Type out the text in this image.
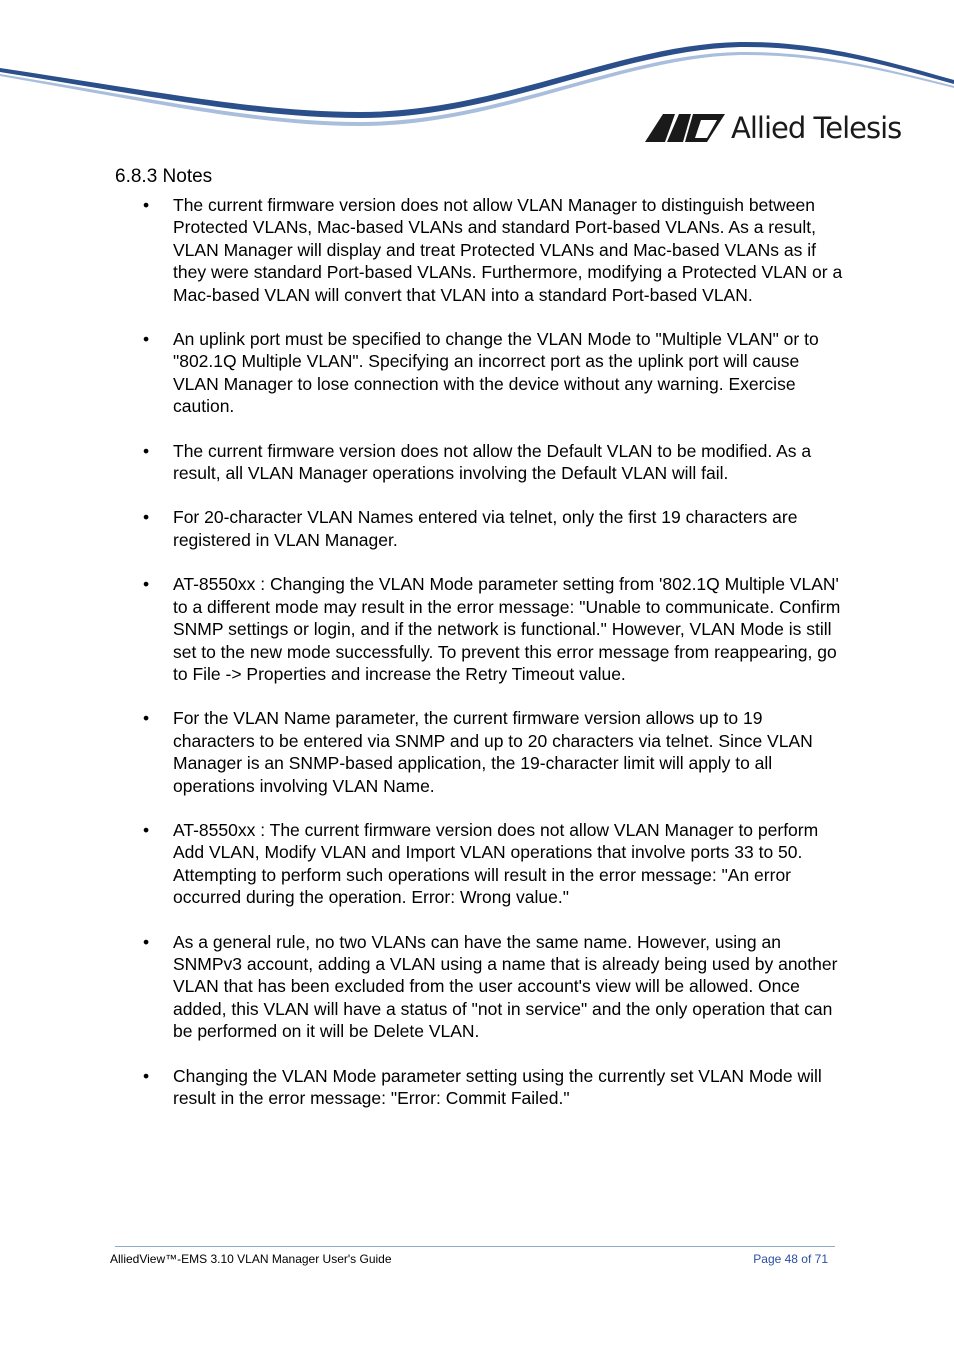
Allied Telesis
6.8.3 Notes
• The current firmware version does not allow VLAN Manager to distinguish between Protected VLANs, Mac-based VLANs and standard Port-based VLANs. As a result, VLAN Manager will display and treat Protected VLANs and Mac-based VLANs as if they were standard Port-based VLANs. Furthermore, modifying a Protected VLAN or a Mac-based VLAN will convert that VLAN into a standard Port-based VLAN.
• An uplink port must be specified to change the VLAN Mode to "Multiple VLAN" or to "802.1Q Multiple VLAN". Specifying an incorrect port as the uplink port will cause VLAN Manager to lose connection with the device without any warning. Exercise caution.
• The current firmware version does not allow the Default VLAN to be modified. As a result, all VLAN Manager operations involving the Default VLAN will fail.
• For 20-character VLAN Names entered via telnet, only the first 19 characters are registered in VLAN Manager.
• AT-8550xx : Changing the VLAN Mode parameter setting from '802.1Q Multiple VLAN' to a different mode may result in the error message: "Unable to communicate. Confirm SNMP settings or login, and if the network is functional." However, VLAN Mode is still set to the new mode successfully. To prevent this error message from reappearing, go to File -> Properties and increase the Retry Timeout value.
• For the VLAN Name parameter, the current firmware version allows up to 19 characters to be entered via SNMP and up to 20 characters via telnet. Since VLAN Manager is an SNMP-based application, the 19-character limit will apply to all operations involving VLAN Name.
• AT-8550xx : The current firmware version does not allow VLAN Manager to perform Add VLAN, Modify VLAN and Import VLAN operations that involve ports 33 to 50. Attempting to perform such operations will result in the error message: "An error occurred during the operation. Error: Wrong value."
• As a general rule, no two VLANs can have the same name. However, using an SNMPv3 account, adding a VLAN using a name that is already being used by another VLAN that has been excluded from the user account's view will be allowed. Once added, this VLAN will have a status of "not in service" and the only operation that can be performed on it will be Delete VLAN.
• Changing the VLAN Mode parameter setting using the currently set VLAN Mode will result in the error message: "Error: Commit Failed."
AlliedView™-EMS 3.10 VLAN Manager User's Guide	Page 48 of 71
